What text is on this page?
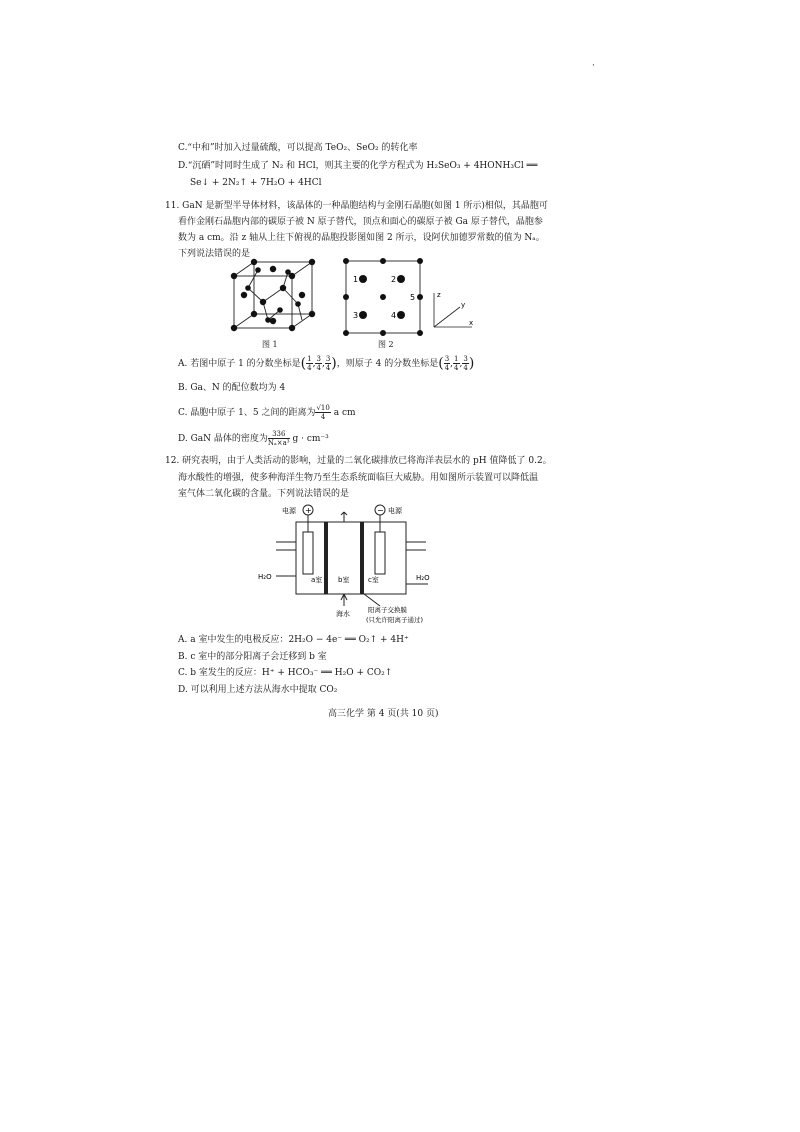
·
C.“中和”时加入过量硫酸，可以提高 TeO₂、SeO₂ 的转化率
D.“沉硒”时同时生成了 N₂ 和 HCl，则其主要的化学方程式为 H₂SeO₃ + 4HONH₃Cl ══
Se↓ + 2N₂↑ + 7H₂O + 4HCl
11. GaN 是新型半导体材料，该晶体的一种晶胞结构与金刚石晶胞(如图 1 所示)相似，其晶胞可
看作金刚石晶胞内部的碳原子被 N 原子替代，顶点和面心的碳原子被 Ga 原子替代，晶胞参
数为 a cm。沿 z 轴从上往下俯视的晶胞投影图如图 2 所示，设阿伏加德罗常数的值为 Nₐ。
下列说法错误的是
图 1
1	2
3	4
5	z
y
x
图 2
A. 若图中原子 1 的分数坐标是( $\frac{1}{4}$ , $\frac{3}{4}$ , $\frac{3}{4}$ )，则原子 4 的分数坐标是( $\frac{3}{4}$ , $\frac{1}{4}$ , $\frac{3}{4}$ )
B. Ga、N 的配位数均为 4
C. 晶胞中原子 1、5 之间的距离为 $\frac{√10}{4}$ a cm
D. GaN 晶体的密度为 $\frac{336}{\text{Nₐ×a³}}$ g · cm⁻³
12. 研究表明，由于人类活动的影响，过量的二氧化碳排放已将海洋表层水的 pH 值降低了 0.2。
海水酸性的增强，使多种海洋生物乃至生态系统面临巨大威胁。用如图所示装置可以降低温
室气体二氧化碳的含量。下列说法错误的是
+	−
电源	电源
a室 b室	c室
H₂O	H₂O
海水	阳离子交换膜
(只允许阳离子通过)
A. a 室中发生的电极反应：2H₂O − 4e⁻ ══ O₂↑ + 4H⁺
B. c 室中的部分阳离子会迁移到 b 室
C. b 室发生的反应：H⁺ + HCO₃⁻ ══ H₂O + CO₂↑
D. 可以利用上述方法从海水中提取 CO₂
高三化学 第 4 页(共 10 页)
